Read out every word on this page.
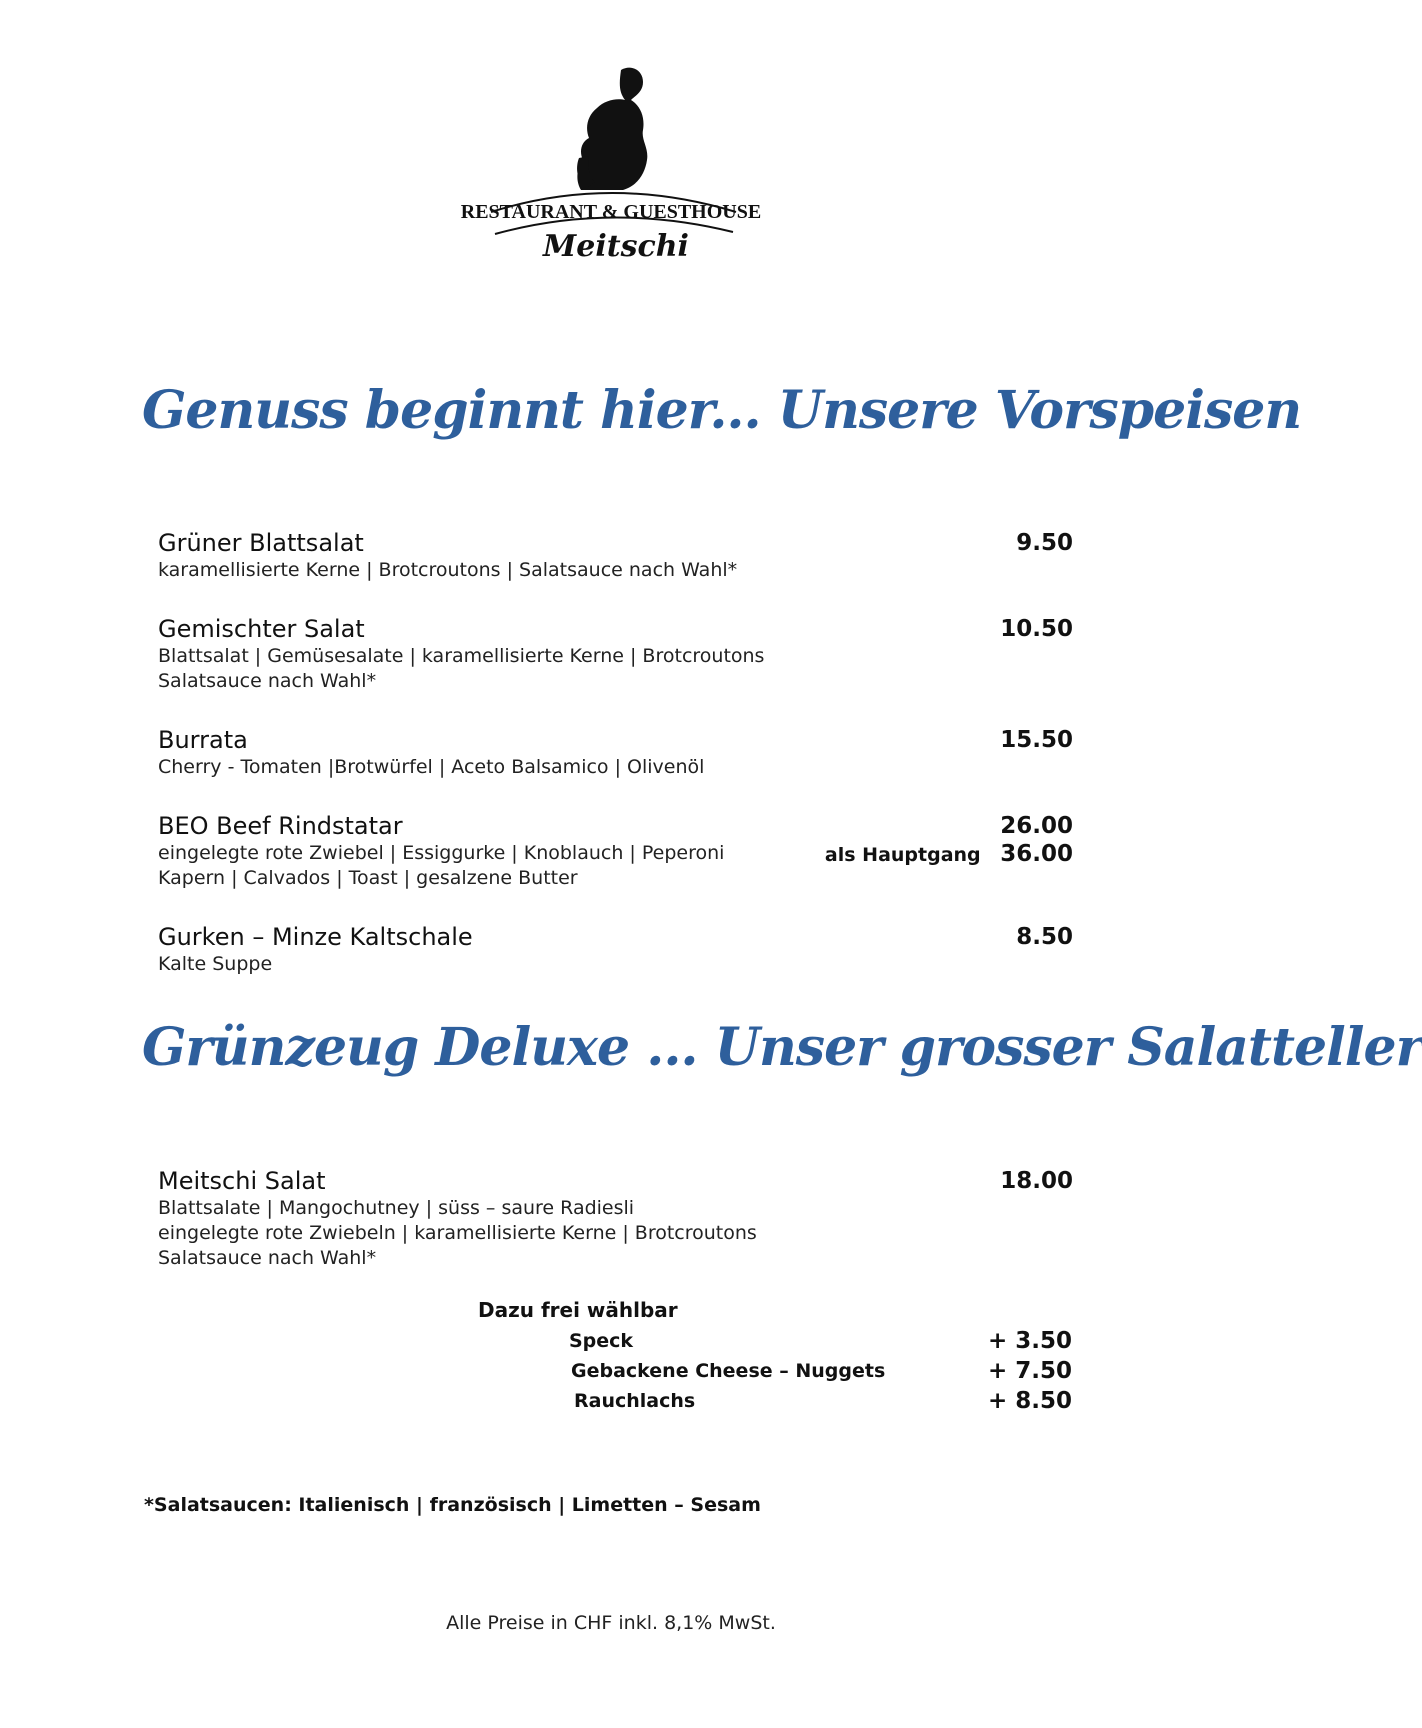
RESTAURANT & GUESTHOUSE
Meitschi
Genuss beginnt hier... Unsere Vorspeisen
Grüner Blattsalat
karamellisierte Kerne | Brotcroutons | Salatsauce nach Wahl*
9.50
Gemischter Salat
Blattsalat | Gemüsesalate | karamellisierte Kerne | Brotcroutons
Salatsauce nach Wahl*
10.50
Burrata
Cherry - Tomaten |Brotwürfel | Aceto Balsamico | Olivenöl
15.50
BEO Beef Rindstatar
eingelegte rote Zwiebel | Essiggurke | Knoblauch | Peperoni
Kapern | Calvados | Toast | gesalzene Butter
26.00
als Hauptgang 36.00
Gurken – Minze Kaltschale
Kalte Suppe
8.50
Grünzeug Deluxe ... Unser grosser Salatteller
Meitschi Salat
Blattsalate | Mangochutney | süss – saure Radiesli
eingelegte rote Zwiebeln | karamellisierte Kerne | Brotcroutons
Salatsauce nach Wahl*
18.00
Dazu frei wählbar
Speck	+ 3.50
Gebackene Cheese – Nuggets	+ 7.50
Rauchlachs	+ 8.50
*Salatsaucen: Italienisch | französisch | Limetten – Sesam
Alle Preise in CHF inkl. 8,1% MwSt.
